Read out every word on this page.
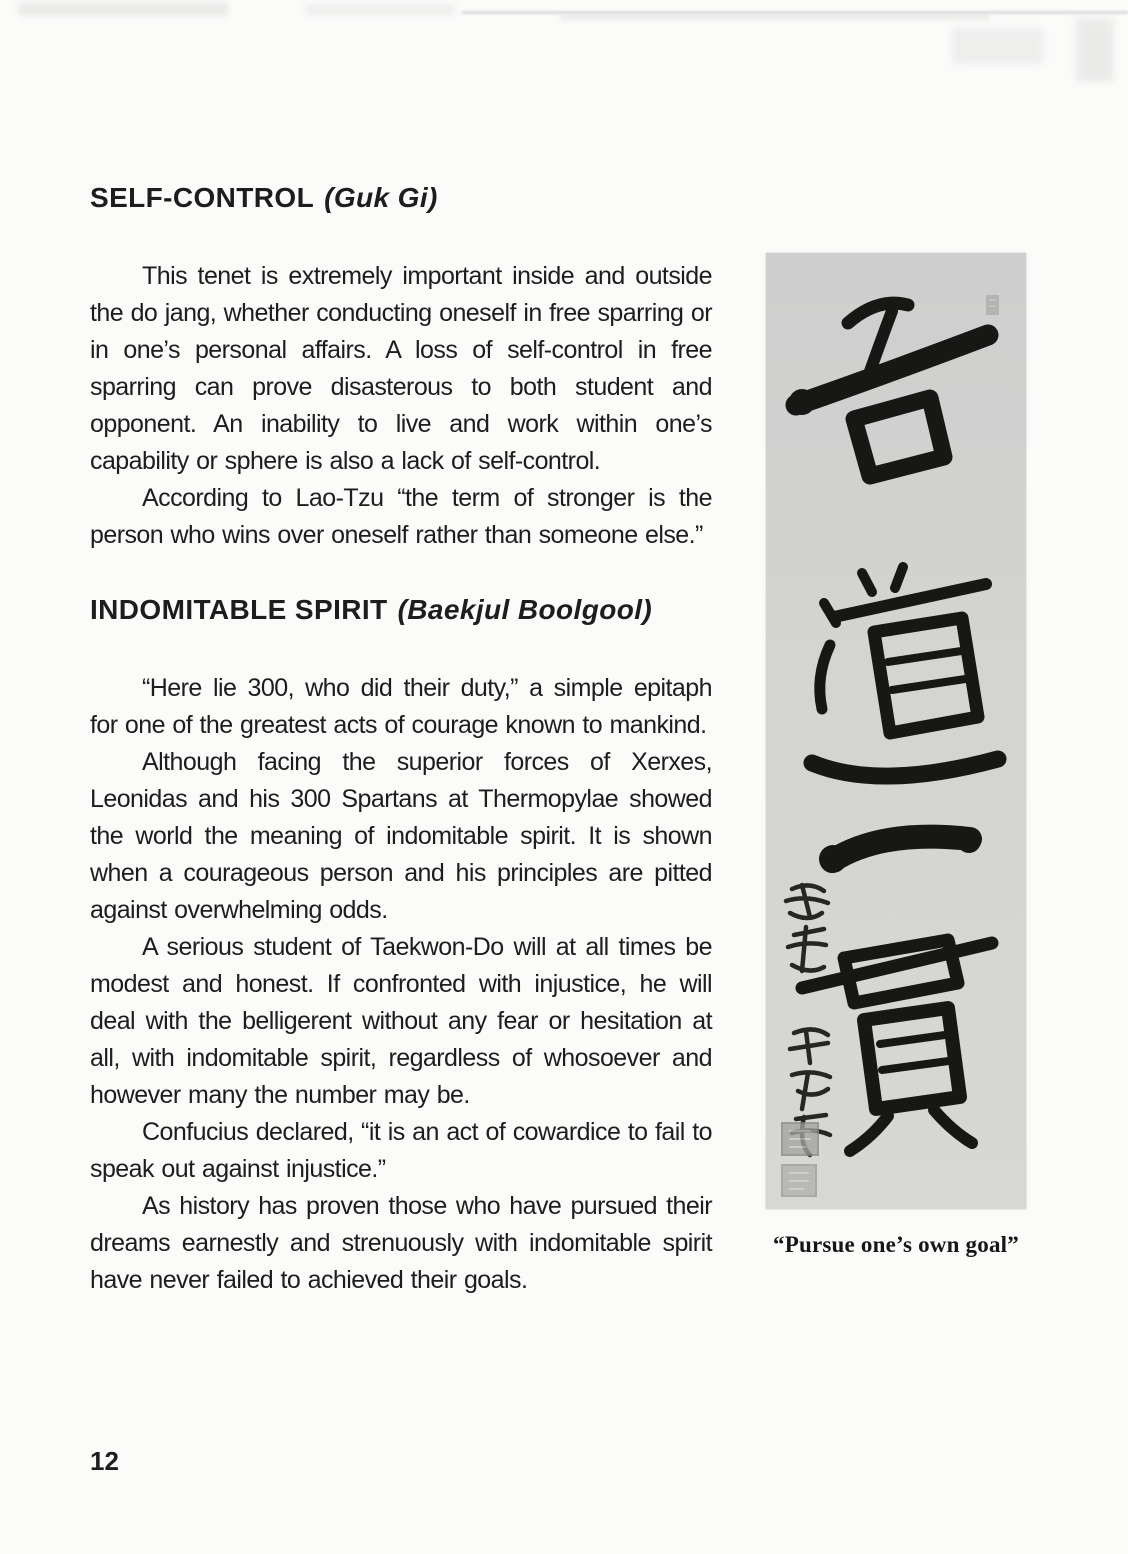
SELF-CONTROL (Guk Gi)

This tenet is extremely important inside and outside the do jang, whether conducting oneself in free sparring or in one’s personal affairs. A loss of self-control in free sparring can prove disasterous to both student and opponent. An inability to live and work within one’s capability or sphere is also a lack of self-control.

According to Lao-Tzu “the term of stronger is the person who wins over oneself rather than someone else.”

INDOMITABLE SPIRIT (Baekjul Boolgool)

“Here lie 300, who did their duty,” a simple epitaph for one of the greatest acts of courage known to mankind.

Although facing the superior forces of Xerxes, Leonidas and his 300 Spartans at Thermopylae showed the world the meaning of indomitable spirit. It is shown when a courageous person and his principles are pitted against overwhelming odds.

A serious student of Taekwon-Do will at all times be modest and honest. If confronted with injustice, he will deal with the belligerent without any fear or hesitation at all, with indomitable spirit, regardless of whosoever and however many the number may be.

Confucius declared, “it is an act of cowardice to fail to speak out against injustice.”

As history has proven those who have pursued their dreams earnestly and strenuously with indomitable spirit have never failed to achieved their goals.

“Pursue one’s own goal”
12
